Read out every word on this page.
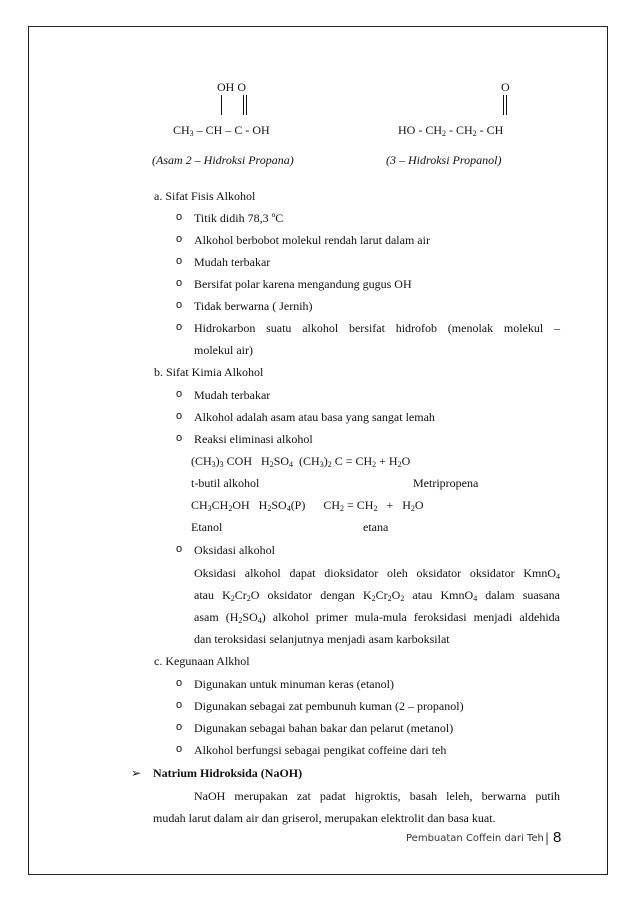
OH O
$CH_3$ – CH – C - OH
(Asam 2 – Hidroksi Propana)
O
HO - $CH_2 - CH_2$ - CH
(3 – Hidroksi Propanol)
a. Sifat Fisis Alkohol
o Titik didih 78,3 ºC
o Alkohol berbobot molekul rendah larut dalam air
o Mudah terbakar
o Bersifat polar karena mengandung gugus OH
o Tidak berwarna ( Jernih)
o Hidrokarbon suatu alkohol bersifat hidrofob (menolak molekul –
molekul air)
b. Sifat Kimia Alkohol
o Mudah terbakar
o Alkohol adalah asam atau basa yang sangat lemah
o Reaksi eliminasi alkohol
$(CH_3)_3$ COH   $H_2SO_4$  $(CH_3)_2$ $C = CH_2 + H_2O$
t-butil alkohol	Metripropena
$CH_3CH_2OH$   $H_2SO_4(P)$      $CH_2 = CH_2 + H_2O$
Etanol	etana
o Oksidasi alkohol
Oksidasi alkohol dapat dioksidator oleh oksidator oksidator KmnO$_4$
atau $K_2Cr_2O$ oksidator dengan $K_2Cr_2O_2$ atau KmnO$_4$ dalam suasana
asam $(H_2SO_4)$ alkohol primer mula-mula feroksidasi menjadi aldehida
dan teroksidasi selanjutnya menjadi asam karboksilat
c. Kegunaan Alkhol
o Digunakan untuk minuman keras (etanol)
o Digunakan sebagai zat pembunuh kuman (2 – propanol)
o Digunakan sebagai bahan bakar dan pelarut (metanol)
o Alkohol berfungsi sebagai pengikat coffeine dari teh
➢ Natrium Hidroksida (NaOH)
NaOH merupakan zat padat higroktis, basah leleh, berwarna putih
mudah larut dalam air dan griserol, merupakan elektrolit dan basa kuat.
Pembuatan Coffein dari Teh | 8
